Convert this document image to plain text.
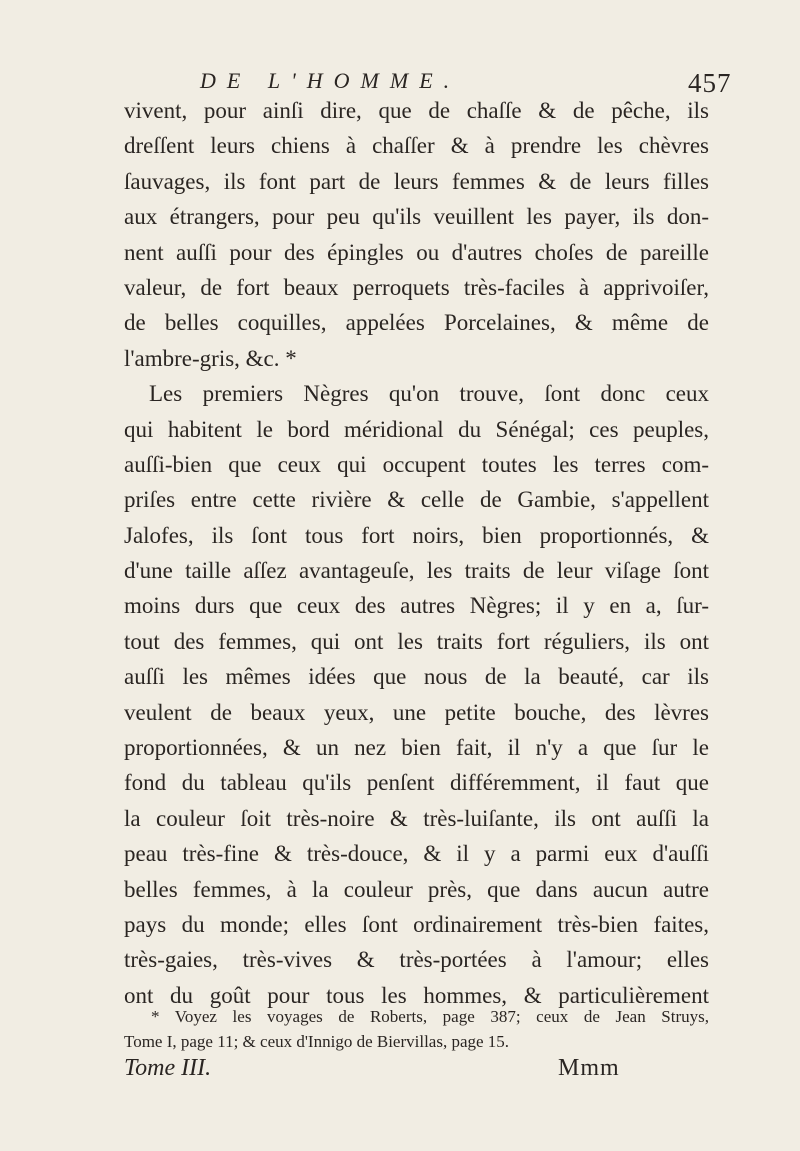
DE L'HOMME.	457
vivent, pour ainſi dire, que de chaſſe & de pêche, ils
dreſſent leurs chiens à chaſſer & à prendre les chèvres
ſauvages, ils font part de leurs femmes & de leurs filles
aux étrangers, pour peu qu'ils veuillent les payer, ils don-
nent auſſi pour des épingles ou d'autres choſes de pareille
valeur, de fort beaux perroquets très-faciles à apprivoiſer,
de belles coquilles, appelées Porcelaines, & même de
l'ambre-gris, &c. *
Les premiers Nègres qu'on trouve, ſont donc ceux
qui habitent le bord méridional du Sénégal; ces peuples,
auſſi-bien que ceux qui occupent toutes les terres com-
priſes entre cette rivière & celle de Gambie, s'appellent
Jalofes, ils ſont tous fort noirs, bien proportionnés, &
d'une taille aſſez avantageuſe, les traits de leur viſage ſont
moins durs que ceux des autres Nègres; il y en a, ſur-
tout des femmes, qui ont les traits fort réguliers, ils ont
auſſi les mêmes idées que nous de la beauté, car ils
veulent de beaux yeux, une petite bouche, des lèvres
proportionnées, & un nez bien fait, il n'y a que ſur le
fond du tableau qu'ils penſent différemment, il faut que
la couleur ſoit très-noire & très-luiſante, ils ont auſſi la
peau très-fine & très-douce, & il y a parmi eux d'auſſi
belles femmes, à la couleur près, que dans aucun autre
pays du monde; elles ſont ordinairement très-bien faites,
très-gaies, très-vives & très-portées à l'amour; elles
ont du goût pour tous les hommes, & particulièrement
* Voyez les voyages de Roberts, page 387; ceux de Jean Struys,
Tome I, page 11; & ceux d'Innigo de Biervillas, page 15.
Tome III.	Mmm
